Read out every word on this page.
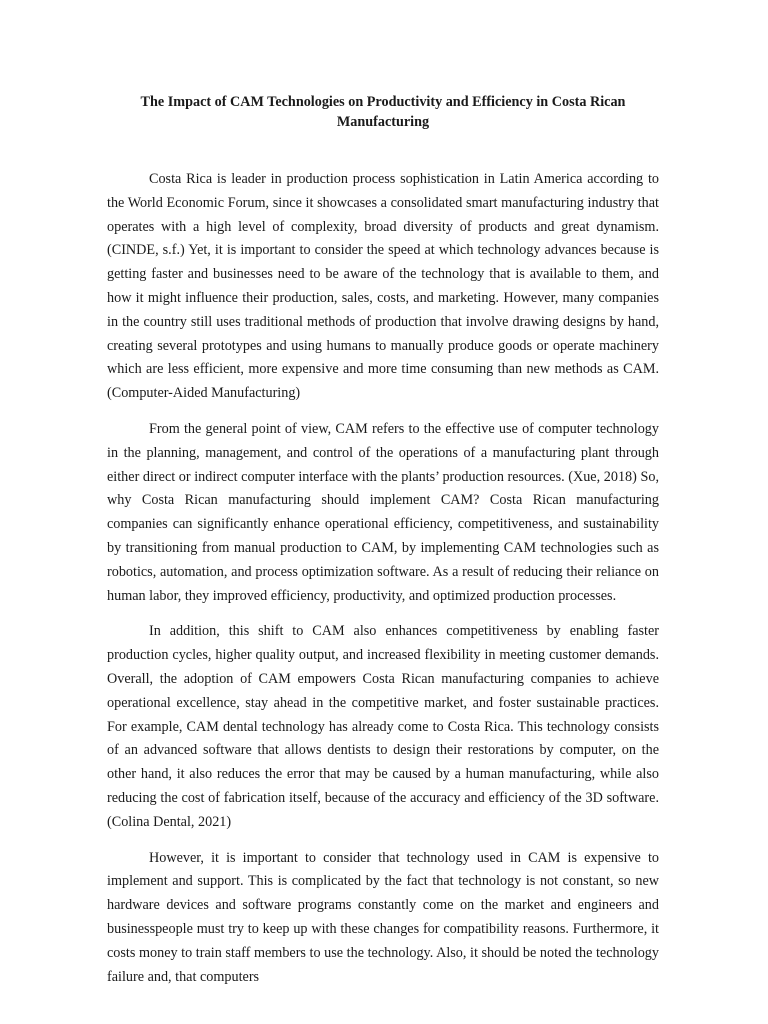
The Impact of CAM Technologies on Productivity and Efficiency in Costa Rican Manufacturing

Costa Rica is leader in production process sophistication in Latin America according to the World Economic Forum, since it showcases a consolidated smart manufacturing industry that operates with a high level of complexity, broad diversity of products and great dynamism. (CINDE, s.f.) Yet, it is important to consider the speed at which technology advances because is getting faster and businesses need to be aware of the technology that is available to them, and how it might influence their production, sales, costs, and marketing. However, many companies in the country still uses traditional methods of production that involve drawing designs by hand, creating several prototypes and using humans to manually produce goods or operate machinery which are less efficient, more expensive and more time consuming than new methods as CAM. (Computer-Aided Manufacturing)

From the general point of view, CAM refers to the effective use of computer technology in the planning, management, and control of the operations of a manufacturing plant through either direct or indirect computer interface with the plants’ production resources. (Xue, 2018) So, why Costa Rican manufacturing should implement CAM? Costa Rican manufacturing companies can significantly enhance operational efficiency, competitiveness, and sustainability by transitioning from manual production to CAM, by implementing CAM technologies such as robotics, automation, and process optimization software. As a result of reducing their reliance on human labor, they improved efficiency, productivity, and optimized production processes.

In addition, this shift to CAM also enhances competitiveness by enabling faster production cycles, higher quality output, and increased flexibility in meeting customer demands. Overall, the adoption of CAM empowers Costa Rican manufacturing companies to achieve operational excellence, stay ahead in the competitive market, and foster sustainable practices. For example, CAM dental technology has already come to Costa Rica. This technology consists of an advanced software that allows dentists to design their restorations by computer, on the other hand, it also reduces the error that may be caused by a human manufacturing, while also reducing the cost of fabrication itself, because of the accuracy and efficiency of the 3D software. (Colina Dental, 2021)

However, it is important to consider that technology used in CAM is expensive to implement and support. This is complicated by the fact that technology is not constant, so new hardware devices and software programs constantly come on the market and engineers and businesspeople must try to keep up with these changes for compatibility reasons. Furthermore, it costs money to train staff members to use the technology. Also, it should be noted the technology failure and, that computers
